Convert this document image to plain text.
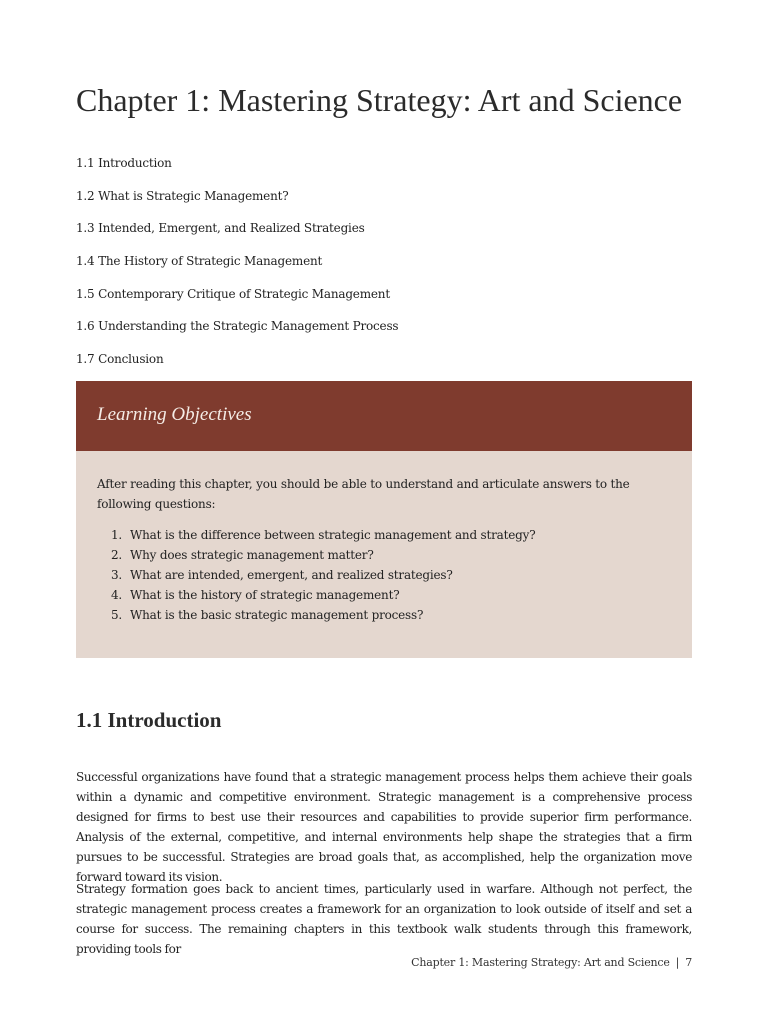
Chapter 1: Mastering Strategy: Art and Science
1.1 Introduction
1.2 What is Strategic Management?
1.3 Intended, Emergent, and Realized Strategies
1.4 The History of Strategic Management
1.5 Contemporary Critique of Strategic Management
1.6 Understanding the Strategic Management Process
1.7 Conclusion
Learning Objectives

After reading this chapter, you should be able to understand and articulate answers to the following questions:

1. What is the difference between strategic management and strategy?
2. Why does strategic management matter?
3. What are intended, emergent, and realized strategies?
4. What is the history of strategic management?
5. What is the basic strategic management process?
1.1 Introduction

Successful organizations have found that a strategic management process helps them achieve their goals within a dynamic and competitive environment. Strategic management is a comprehensive process designed for firms to best use their resources and capabilities to provide superior firm performance. Analysis of the external, competitive, and internal environments help shape the strategies that a firm pursues to be successful. Strategies are broad goals that, as accomplished, help the organization move forward toward its vision.

Strategy formation goes back to ancient times, particularly used in warfare. Although not perfect, the strategic management process creates a framework for an organization to look outside of itself and set a course for success. The remaining chapters in this textbook walk students through this framework, providing tools for

Chapter 1: Mastering Strategy: Art and Science | 7
